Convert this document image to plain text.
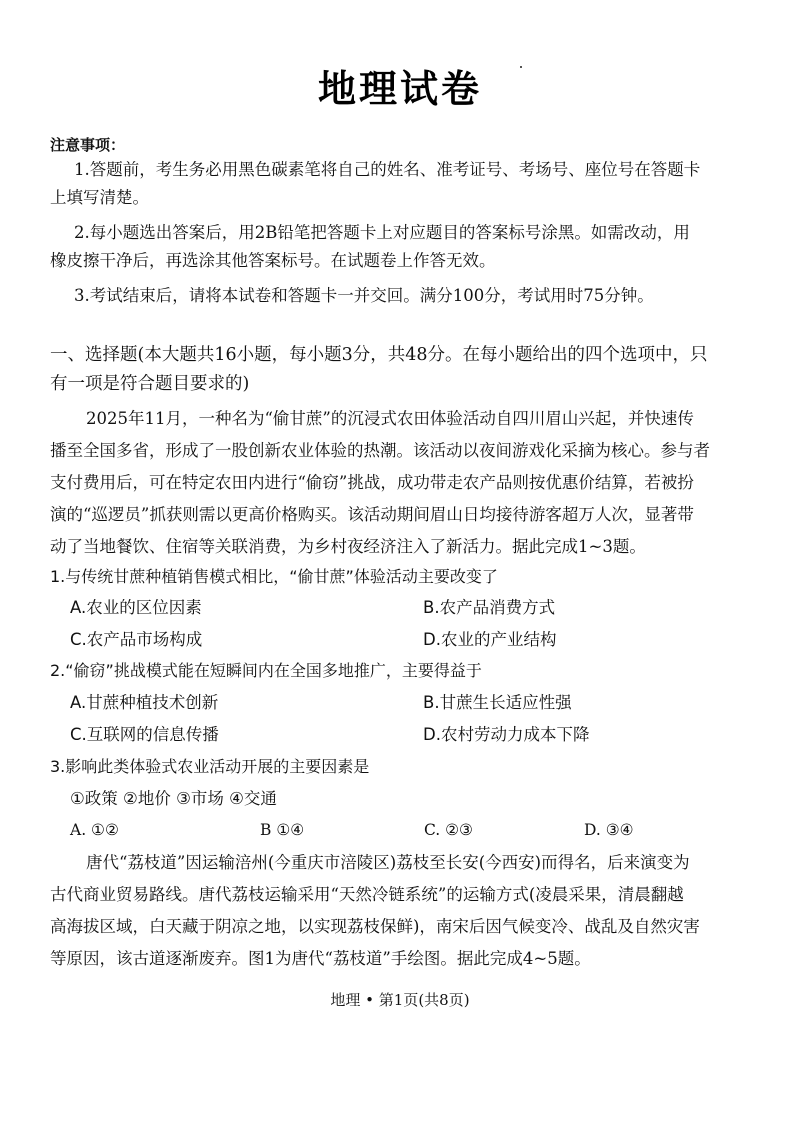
地理试卷
注意事项：
1.答题前，考生务必用黑色碳素笔将自己的姓名、准考证号、考场号、座位号在答题卡
上填写清楚。
2.每小题选出答案后，用2B铅笔把答题卡上对应题目的答案标号涂黑。如需改动，用
橡皮擦干净后，再选涂其他答案标号。在试题卷上作答无效。
3.考试结束后，请将本试卷和答题卡一并交回。满分100分，考试用时75分钟。
一、选择题(本大题共16小题，每小题3分，共48分。在每小题给出的四个选项中，只
有一项是符合题目要求的)
2025年11月，一种名为“偷甘蔗”的沉浸式农田体验活动自四川眉山兴起，并快速传
播至全国多省，形成了一股创新农业体验的热潮。该活动以夜间游戏化采摘为核心。参与者
支付费用后，可在特定农田内进行“偷窃”挑战，成功带走农产品则按优惠价结算，若被扮
演的“巡逻员”抓获则需以更高价格购买。该活动期间眉山日均接待游客超万人次，显著带
动了当地餐饮、住宿等关联消费，为乡村夜经济注入了新活力。据此完成1~3题。
1.与传统甘蔗种植销售模式相比，“偷甘蔗”体验活动主要改变了
A.农业的区位因素	B.农产品消费方式
C.农产品市场构成	D.农业的产业结构
2.“偷窃”挑战模式能在短瞬间内在全国多地推广，主要得益于
A.甘蔗种植技术创新	B.甘蔗生长适应性强
C.互联网的信息传播	D.农村劳动力成本下降
3.影响此类体验式农业活动开展的主要因素是
①政策 ②地价 ③市场 ④交通
A. ①②	B ①④	C. ②③	D. ③④
唐代“荔枝道”因运输涪州(今重庆市涪陵区)荔枝至长安(今西安)而得名，后来演变为
古代商业贸易路线。唐代荔枝运输采用“天然冷链系统”的运输方式(凌晨采果，清晨翻越
高海拔区域，白天藏于阴凉之地，以实现荔枝保鲜)，南宋后因气候变冷、战乱及自然灾害
等原因，该古道逐渐废弃。图1为唐代“荔枝道”手绘图。据此完成4~5题。
地理 • 第1页(共8页)
